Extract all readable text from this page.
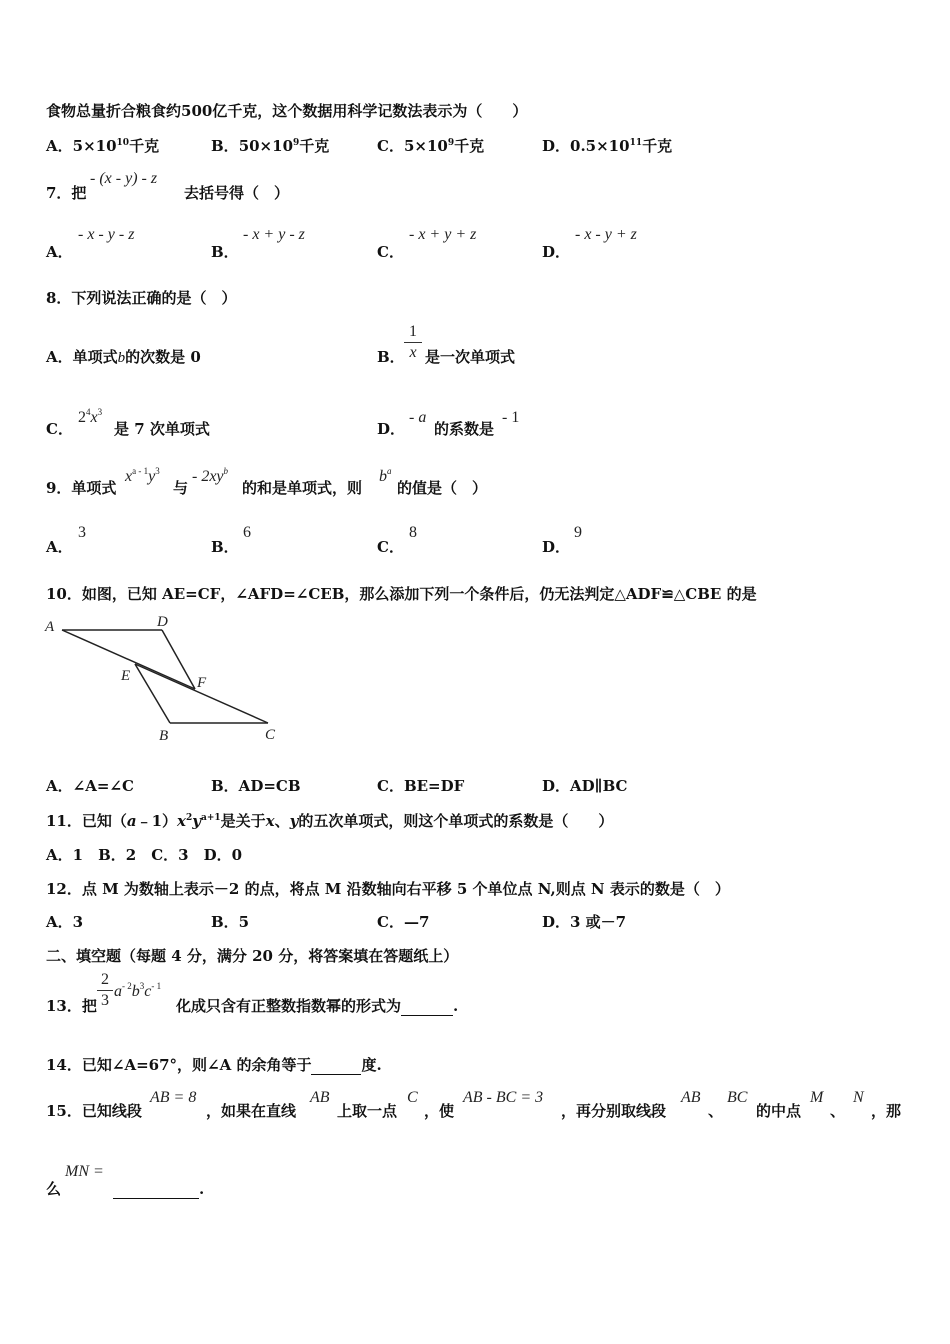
食物总量折合粮食约500亿千克，这个数据用科学记数法表示为（　　）
A．$5\times 10^{10}$千克	B．$50\times 10^9$千克	C．$5\times 10^9$千克	D．$0.5\times 10^{11}$千克
7．把
- (x - y) - z
去括号得（　）
A．
- x - y - z
B．
- x + y - z
C．
- x + y + z
D．
- x - y + z
8．下列说法正确的是（　）
A．单项式b的次数是 0	B． $\frac{1}{x}$ 是一次单项式
C．
$2^4x^3$
是 7 次单项式	D．
- a
的系数是
- 1
9．单项式
$x^{a - 1}y^3$
与
- $2xy^b$
的和是单项式，则
$b^a$
的值是（　）
A．
3
B．
6
C．
8
D．
9
10．如图，已知 AE=CF，∠AFD=∠CEB，那么添加下列一个条件后，仍无法判定△ADF≌△CBE 的是
A	D
E	F
B	C
A．∠A=∠C	B．AD=CB	C．BE=DF	D．AD∥BC
11．已知$(a﹣1)x^2y^{a+1}$是关于x、y的五次单项式，则这个单项式的系数是（　　）
A．1　B．2　C．3　D．0
12．点 M 为数轴上表示－2 的点，将点 M 沿数轴向右平移 5 个单位点 N,则点 N 表示的数是（　）
A．3	B．5	C．—7	D．3 或－7
二、填空题（每题 4 分，满分 20 分，将答案填在答题纸上）
13．把 $\frac{2}{3} a^{- 2}b^3c^{- 1}$
化成只含有正整数指数幂的形式为	.
14．已知∠A=67°，则∠A 的余角等于	度.
15．已知线段
AB = 8
，如果在直线
AB
上取一点
C
，使
AB - BC = 3
，再分别取线段
AB
、
BC
的中点
M
、
N
，那
么
MN =
.
